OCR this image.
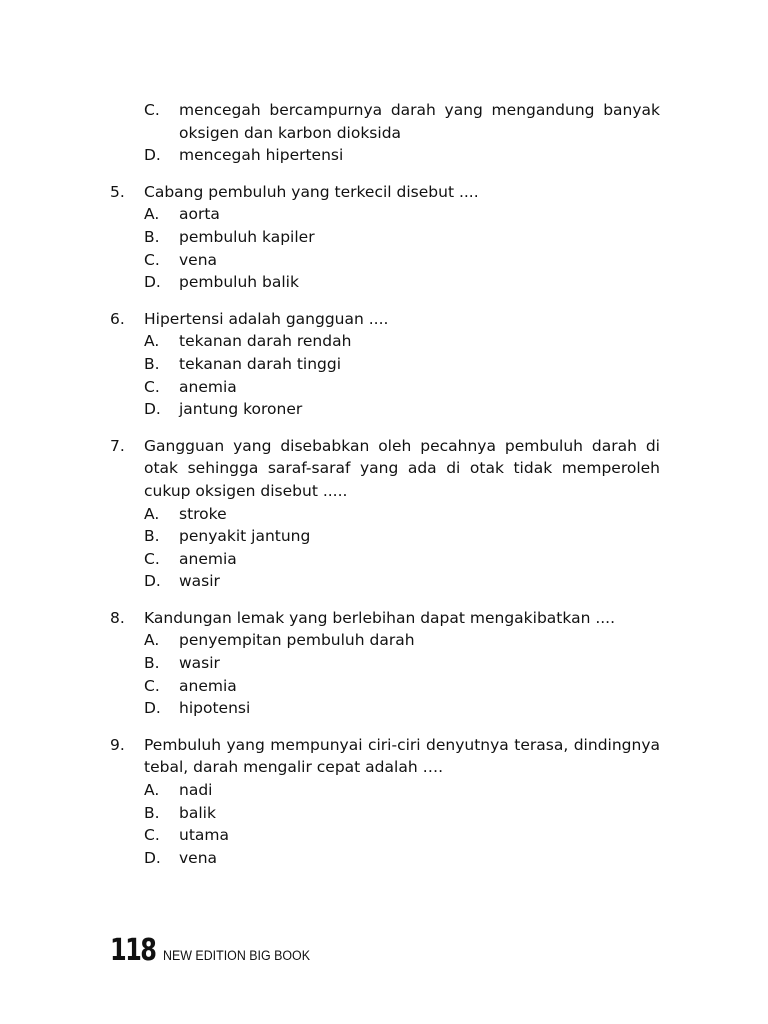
C. mencegah bercampurnya darah yang mengandung banyak oksigen dan karbon dioksida
D. mencegah hipertensi
5. Cabang pembuluh yang terkecil disebut ....
A. aorta
B. pembuluh kapiler
C. vena
D. pembuluh balik
6. Hipertensi adalah gangguan ....
A. tekanan darah rendah
B. tekanan darah tinggi
C. anemia
D. jantung koroner
7. Gangguan yang disebabkan oleh pecahnya pembuluh darah di otak sehingga saraf-saraf yang ada di otak tidak memperoleh cukup oksigen disebut .....
A. stroke
B. penyakit jantung
C. anemia
D. wasir
8. Kandungan lemak yang berlebihan dapat mengakibatkan ....
A. penyempitan pembuluh darah
B. wasir
C. anemia
D. hipotensi
9. Pembuluh yang mempunyai ciri-ciri denyutnya terasa, dindingnya tebal, darah mengalir cepat adalah ….
A. nadi
B. balik
C. utama
D. vena
118 NEW EDITION BIG BOOK
